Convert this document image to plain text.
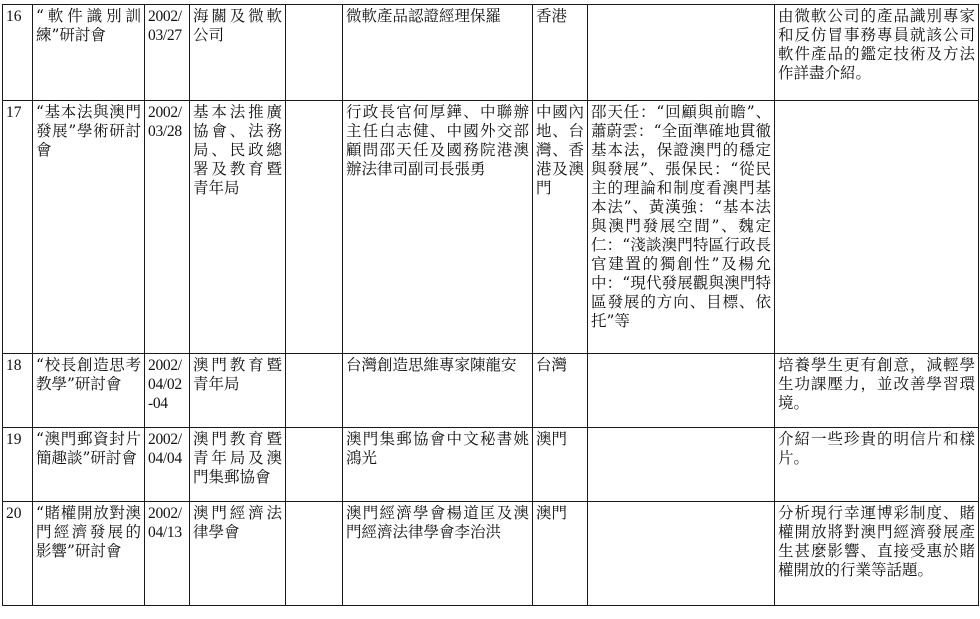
16	“軟件識別訓練”研討會	2002/03/27	海關及微軟公司		微軟產品認證經理保羅	香港		由微軟公司的產品識別專家和反仿冒事務專員就該公司軟件產品的鑑定技術及方法作詳盡介紹。
17	“基本法與澳門發展”學術研討會	2002/03/28	基本法推廣協會、法務局、民政總署及教育暨青年局		行政長官何厚鏵、中聯辦主任白志健、中國外交部顧問邵天任及國務院港澳辦法律司副司長張勇	中國內地、台灣、香港及澳門	邵天任：“回顧與前瞻”、蕭蔚雲：“全面準確地貫徹基本法，保證澳門的穩定與發展”、張保民：“從民主的理論和制度看澳門基本法”、黃漢強：“基本法與澳門發展空間”、魏定仁：“淺談澳門特區行政長官建置的獨創性”及楊允中：“現代發展觀與澳門特區發展的方向、目標、依托”等	
18	“校長創造思考教學”研討會	2002/04/02-04	澳門教育暨青年局		台灣創造思維專家陳龍安	台灣		培養學生更有創意，減輕學生功課壓力，並改善學習環境。
19	“澳門郵資封片簡趣談”研討會	2002/04/04	澳門教育暨青年局及澳門集郵協會		澳門集郵協會中文秘書姚鴻光	澳門		介紹一些珍貴的明信片和樣片。
20	“賭權開放對澳門經濟發展的影響”研討會	2002/04/13	澳門經濟法律學會		澳門經濟學會楊道匡及澳門經濟法律學會李治洪	澳門		分析現行幸運博彩制度、賭權開放將對澳門經濟發展產生甚麼影響、直接受惠於賭權開放的行業等話題。
